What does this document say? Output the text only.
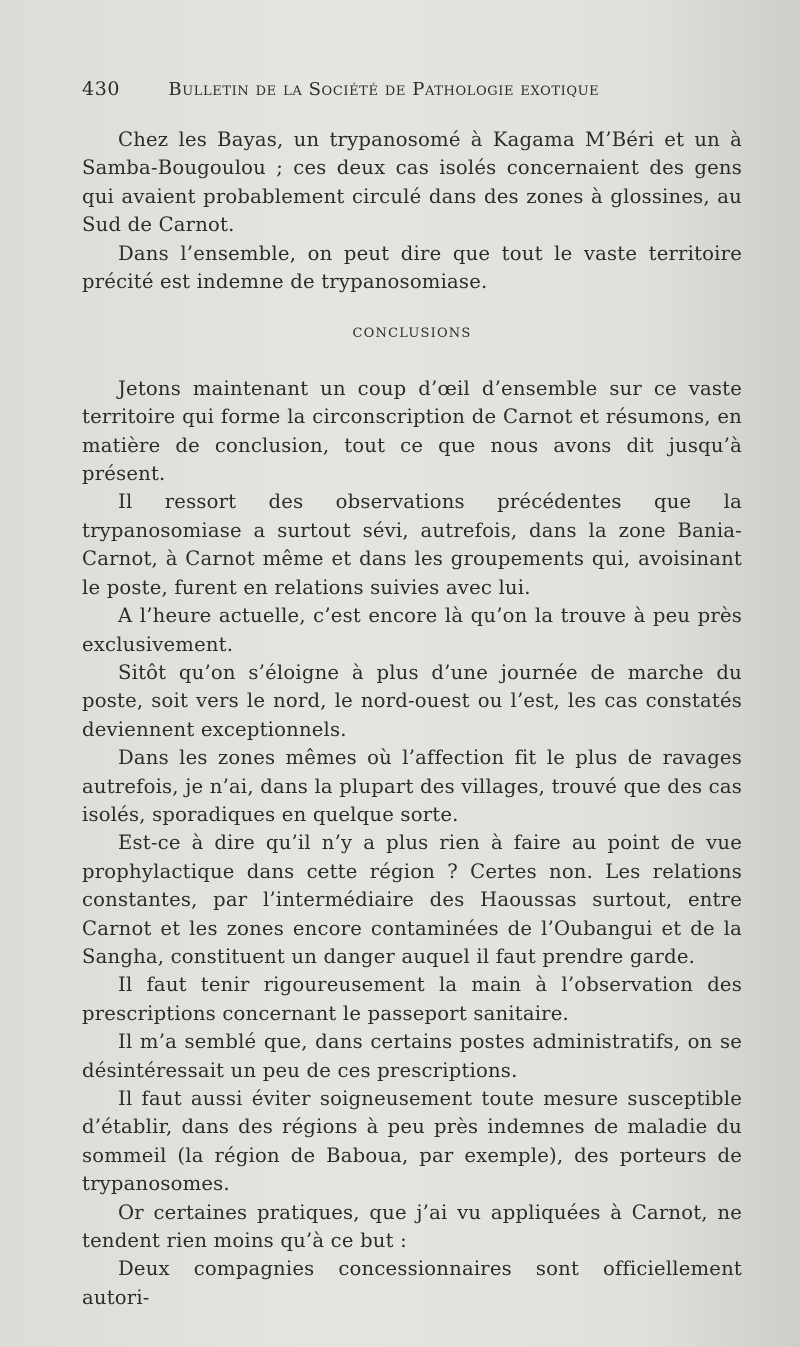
430	Bulletin de la Société de Pathologie exotique

Chez les Bayas, un trypanosomé à Kagama M’Béri et un à Samba-Bougoulou ; ces deux cas isolés concernaient des gens qui avaient probablement circulé dans des zones à glossines, au Sud de Carnot.

Dans l’ensemble, on peut dire que tout le vaste territoire précité est indemne de trypanosomiase.

CONCLUSIONS

Jetons maintenant un coup d’œil d’ensemble sur ce vaste territoire qui forme la circonscription de Carnot et résumons, en matière de conclusion, tout ce que nous avons dit jusqu’à présent.

Il ressort des observations précédentes que la trypanosomiase a surtout sévi, autrefois, dans la zone Bania-Carnot, à Carnot même et dans les groupements qui, avoisinant le poste, furent en relations suivies avec lui.

A l’heure actuelle, c’est encore là qu’on la trouve à peu près exclusivement.

Sitôt qu’on s’éloigne à plus d’une journée de marche du poste, soit vers le nord, le nord-ouest ou l’est, les cas constatés deviennent exceptionnels.

Dans les zones mêmes où l’affection fit le plus de ravages autrefois, je n’ai, dans la plupart des villages, trouvé que des cas isolés, sporadiques en quelque sorte.

Est-ce à dire qu’il n’y a plus rien à faire au point de vue prophylactique dans cette région ? Certes non. Les relations constantes, par l’intermédiaire des Haoussas surtout, entre Carnot et les zones encore contaminées de l’Oubangui et de la Sangha, constituent un danger auquel il faut prendre garde.

Il faut tenir rigoureusement la main à l’observation des prescriptions concernant le passeport sanitaire.

Il m’a semblé que, dans certains postes administratifs, on se désintéressait un peu de ces prescriptions.

Il faut aussi éviter soigneusement toute mesure susceptible d’établir, dans des régions à peu près indemnes de maladie du sommeil (la région de Baboua, par exemple), des porteurs de trypanosomes.

Or certaines pratiques, que j’ai vu appliquées à Carnot, ne tendent rien moins qu’à ce but :

Deux compagnies concessionnaires sont officiellement autori-
